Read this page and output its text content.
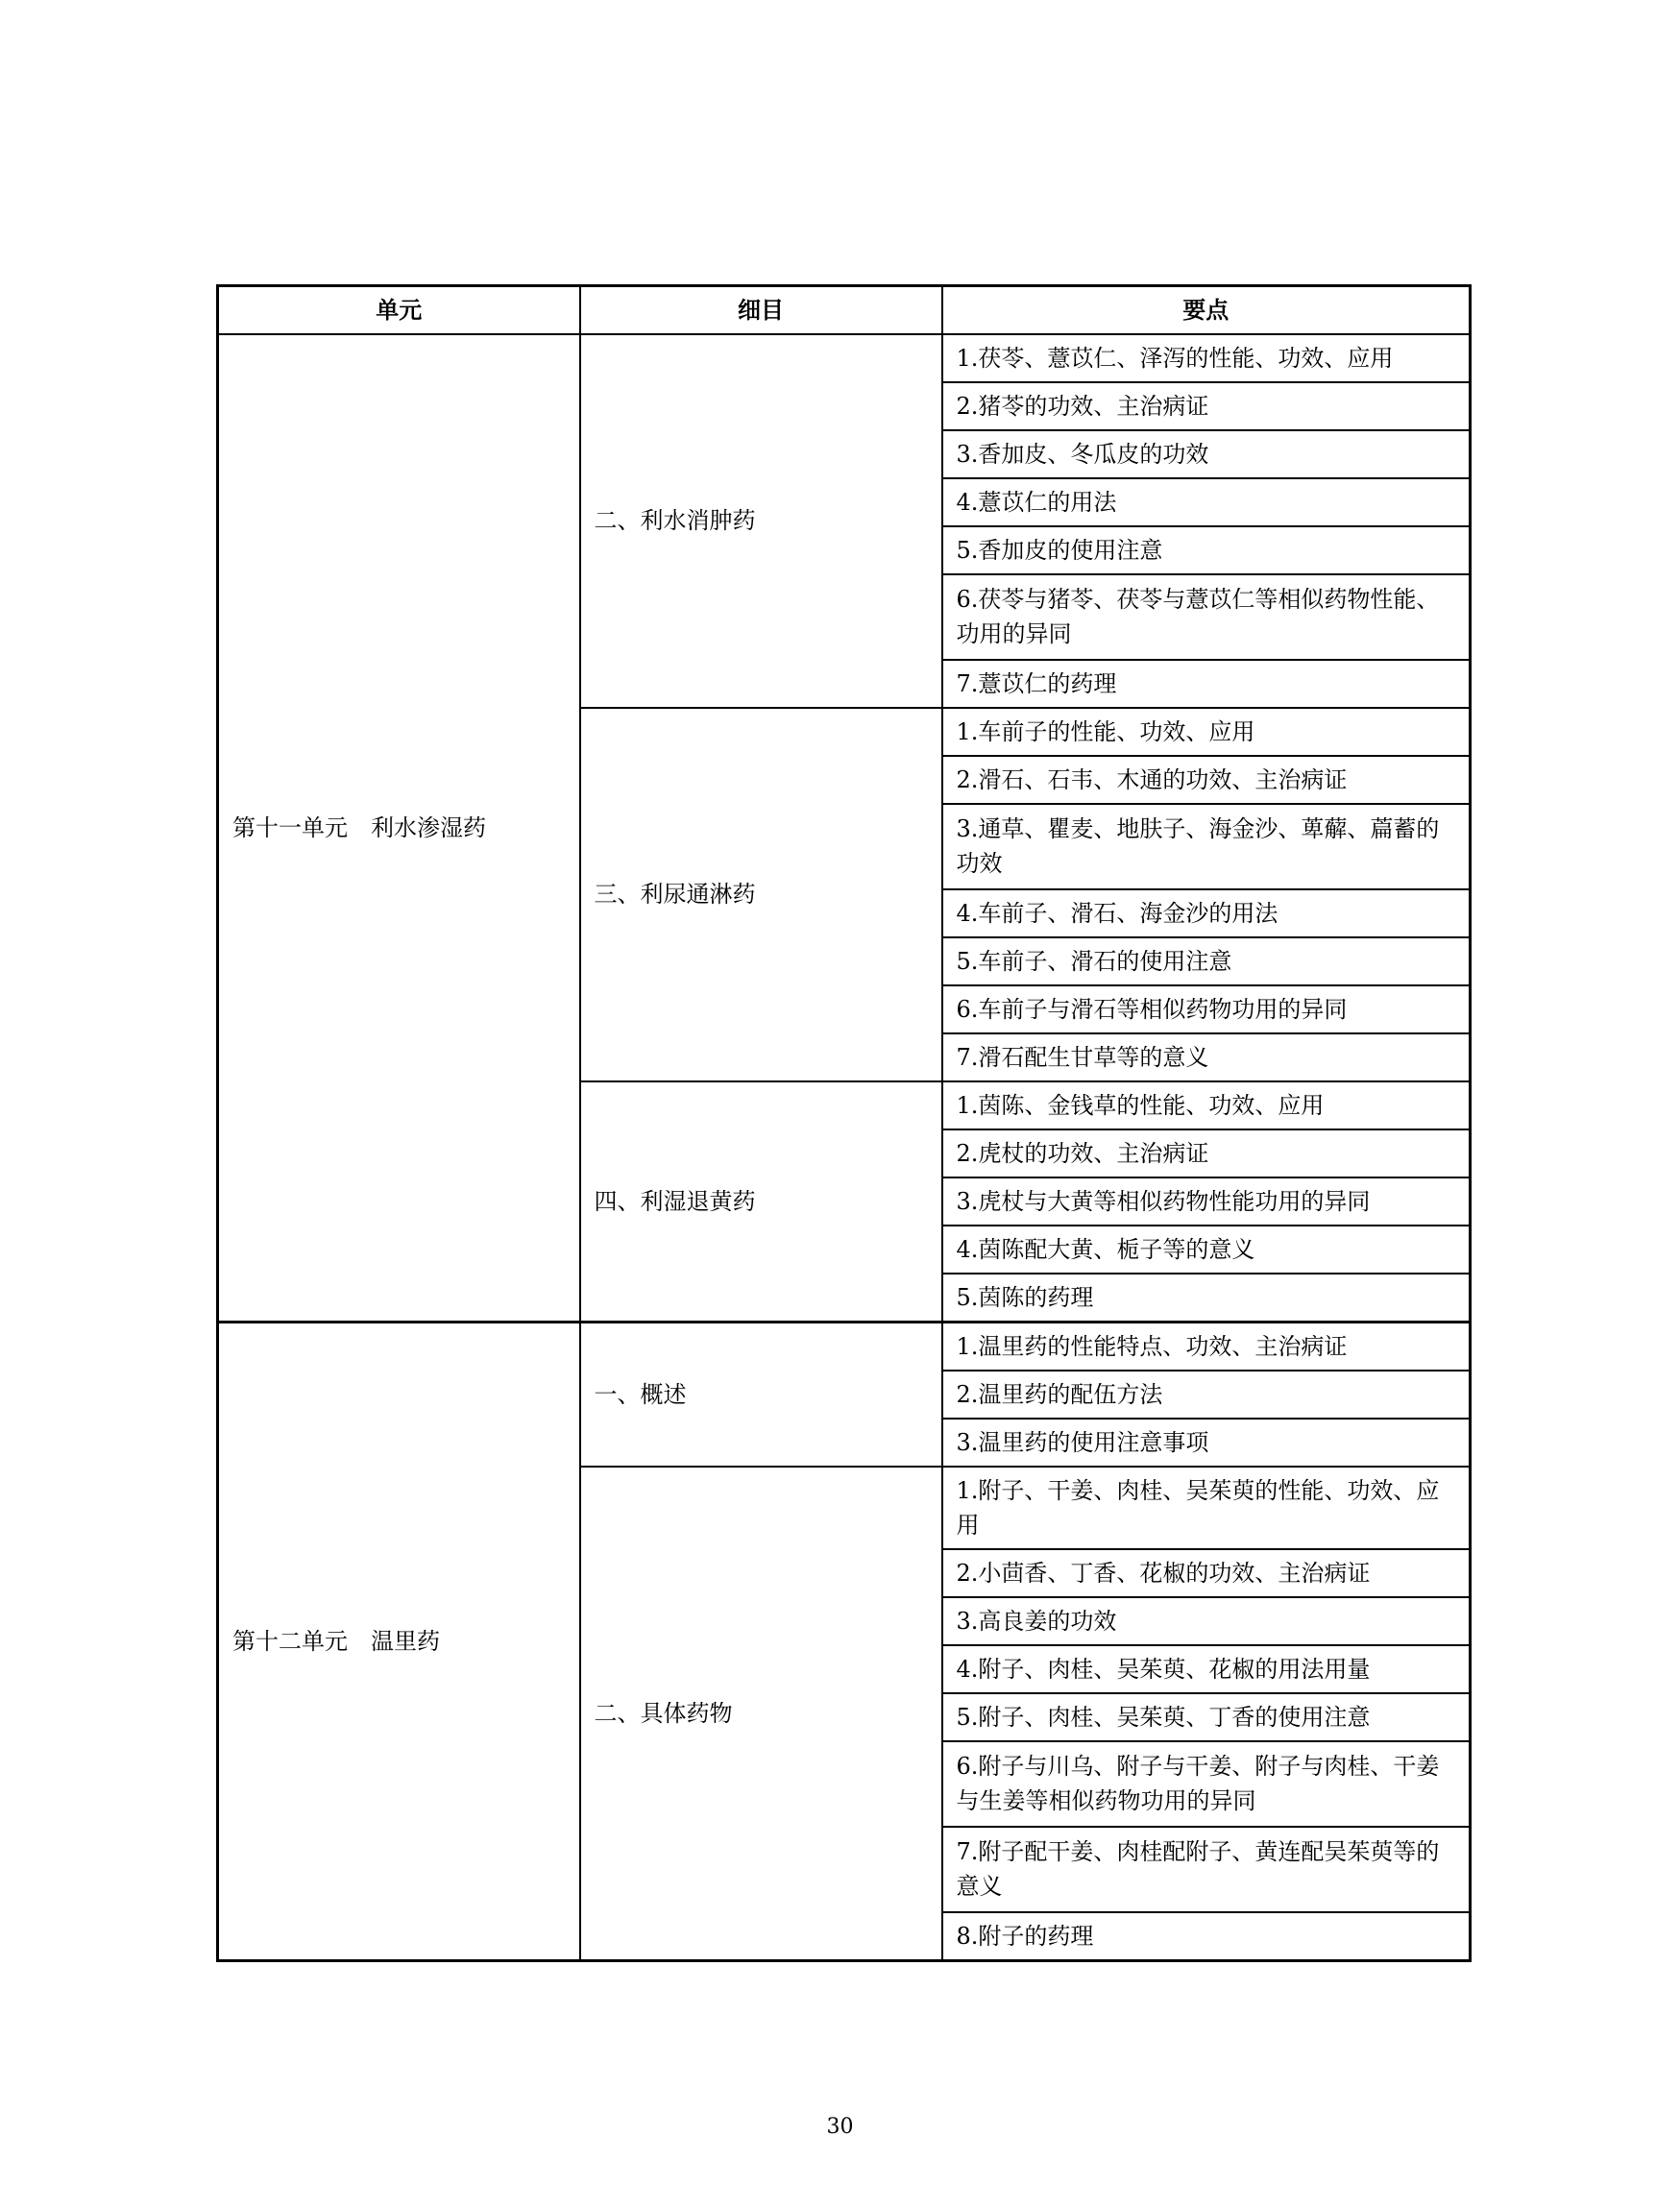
单元	细目	要点
第十一单元　利水渗湿药	二、利水消肿药	1.茯苓、薏苡仁、泽泻的性能、功效、应用
		2.猪苓的功效、主治病证
		3.香加皮、冬瓜皮的功效
		4.薏苡仁的用法
		5.香加皮的使用注意
		6.茯苓与猪苓、茯苓与薏苡仁等相似药物性能、功用的异同
		7.薏苡仁的药理
	三、利尿通淋药	1.车前子的性能、功效、应用
		2.滑石、石韦、木通的功效、主治病证
		3.通草、瞿麦、地肤子、海金沙、萆薢、萹蓄的功效
		4.车前子、滑石、海金沙的用法
		5.车前子、滑石的使用注意
		6.车前子与滑石等相似药物功用的异同
		7.滑石配生甘草等的意义
	四、利湿退黄药	1.茵陈、金钱草的性能、功效、应用
		2.虎杖的功效、主治病证
		3.虎杖与大黄等相似药物性能功用的异同
		4.茵陈配大黄、栀子等的意义
		5.茵陈的药理
第十二单元　温里药	一、概述	1.温里药的性能特点、功效、主治病证
		2.温里药的配伍方法
		3.温里药的使用注意事项
	二、具体药物	1.附子、干姜、肉桂、吴茱萸的性能、功效、应用
		2.小茴香、丁香、花椒的功效、主治病证
		3.高良姜的功效
		4.附子、肉桂、吴茱萸、花椒的用法用量
		5.附子、肉桂、吴茱萸、丁香的使用注意
		6.附子与川乌、附子与干姜、附子与肉桂、干姜与生姜等相似药物功用的异同
		7.附子配干姜、肉桂配附子、黄连配吴茱萸等的意义
		8.附子的药理
30
